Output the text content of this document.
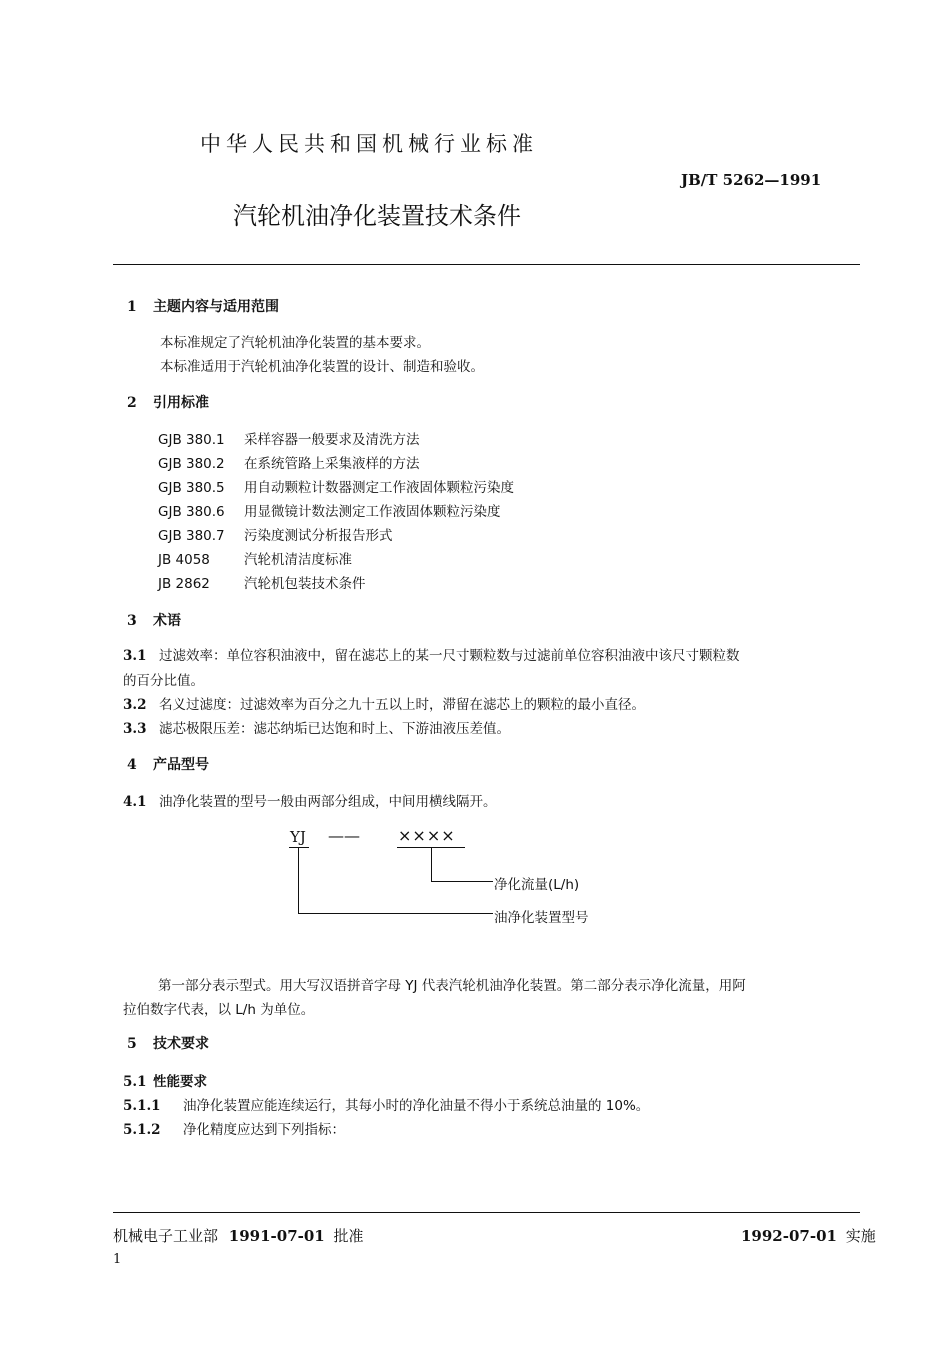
中华人民共和国机械行业标准
JB/T 5262—1991
汽轮机油净化装置技术条件
1 主题内容与适用范围
本标准规定了汽轮机油净化装置的基本要求。
本标准适用于汽轮机油净化装置的设计、制造和验收。
2 引用标准
GJB 380.1 采样容器一般要求及清洗方法
GJB 380.2 在系统管路上采集液样的方法
GJB 380.5 用自动颗粒计数器测定工作液固体颗粒污染度
GJB 380.6 用显微镜计数法测定工作液固体颗粒污染度
GJB 380.7 污染度测试分析报告形式
JB 4058	汽轮机清洁度标准
JB 2862	汽轮机包装技术条件
3 术语
3.1 过滤效率：单位容积油液中，留在滤芯上的某一尺寸颗粒数与过滤前单位容积油液中该尺寸颗粒数
的百分比值。
3.2 名义过滤度：过滤效率为百分之九十五以上时，滞留在滤芯上的颗粒的最小直径。
3.3 滤芯极限压差：滤芯纳垢已达饱和时上、下游油液压差值。
4 产品型号
4.1 油净化装置的型号一般由两部分组成，中间用横线隔开。
YJ —— ××××
净化流量(L/h)
油净化装置型号
第一部分表示型式。用大写汉语拼音字母 YJ 代表汽轮机油净化装置。第二部分表示净化流量，用阿
拉伯数字代表，以 L/h 为单位。
5 技术要求
5.1 性能要求
5.1.1 油净化装置应能连续运行，其每小时的净化油量不得小于系统总油量的 10%。
5.1.2 净化精度应达到下列指标：
机械电子工业部 1991-07-01 批准	1992-07-01 实施
1
